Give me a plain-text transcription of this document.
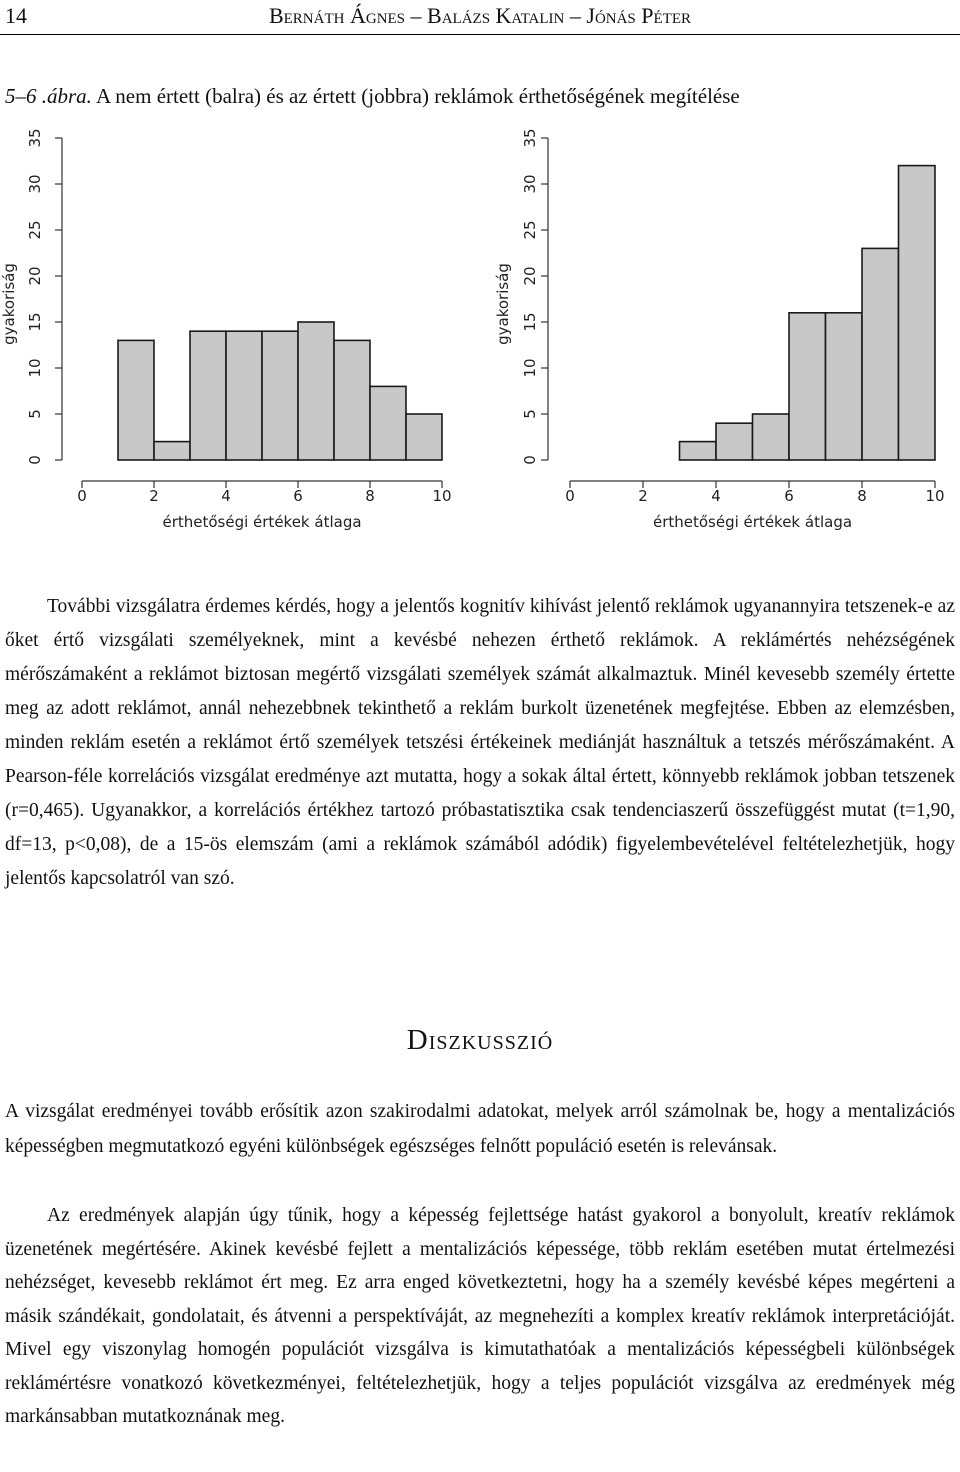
14	Bernáth Ágnes – Balázs Katalin – Jónás Péter
5–6 .ábra. A nem értett (balra) és az értett (jobbra) reklámok érthetőségének megítélése
0
5
10
15
20
25
30
35
0	2	4	6	8	10
érthetőségi értékek átlaga
gyakoriság
0
5
10
15
20
25
30
35
0	2	4	6	8	10
érthetőségi értékek átlaga
gyakoriság

További vizsgálatra érdemes kérdés, hogy a jelentős kognitív kihívást jelentő reklámok ugyanannyira tetszenek-e az őket értő vizsgálati személyeknek, mint a kevésbé nehezen érthető reklámok. A reklámértés nehézségének mérőszámaként a reklámot biztosan megértő vizsgálati személyek számát alkalmaztuk. Minél kevesebb személy értette meg az adott reklámot, annál nehezebbnek tekinthető a reklám burkolt üzenetének megfejtése. Ebben az elemzésben, minden reklám esetén a reklámot értő személyek tetszési értékeinek mediánját használtuk a tetszés mérőszámaként. A Pearson-féle korrelációs vizsgálat eredménye azt mutatta, hogy a sokak által értett, könnyebb reklámok jobban tetszenek (r=0,465). Ugyanakkor, a korrelációs értékhez tartozó próbastatisztika csak tendenciaszerű összefüggést mutat (t=1,90, df=13, p<0,08), de a 15-ös elemszám (ami a reklámok számából adódik) figyelembevételével feltételezhetjük, hogy jelentős kapcsolatról van szó.

Diszkusszió

A vizsgálat eredményei tovább erősítik azon szakirodalmi adatokat, melyek arról számolnak be, hogy a mentalizációs képességben megmutatkozó egyéni különbségek egészséges felnőtt populáció esetén is relevánsak.

Az eredmények alapján úgy tűnik, hogy a képesség fejlettsége hatást gyakorol a bonyolult, kreatív reklámok üzenetének megértésére. Akinek kevésbé fejlett a mentalizációs képessége, több reklám esetében mutat értelmezési nehézséget, kevesebb reklámot ért meg. Ez arra enged következtetni, hogy ha a személy kevésbé képes megérteni a másik szándékait, gondolatait, és átvenni a perspektíváját, az megnehezíti a komplex kreatív reklámok interpretációját. Mivel egy viszonylag homogén populációt vizsgálva is kimutathatóak a mentalizációs képességbeli különbségek reklámértésre vonatkozó következményei, feltételezhetjük, hogy a teljes populációt vizsgálva az eredmények még markánsabban mutatkoznának meg.
